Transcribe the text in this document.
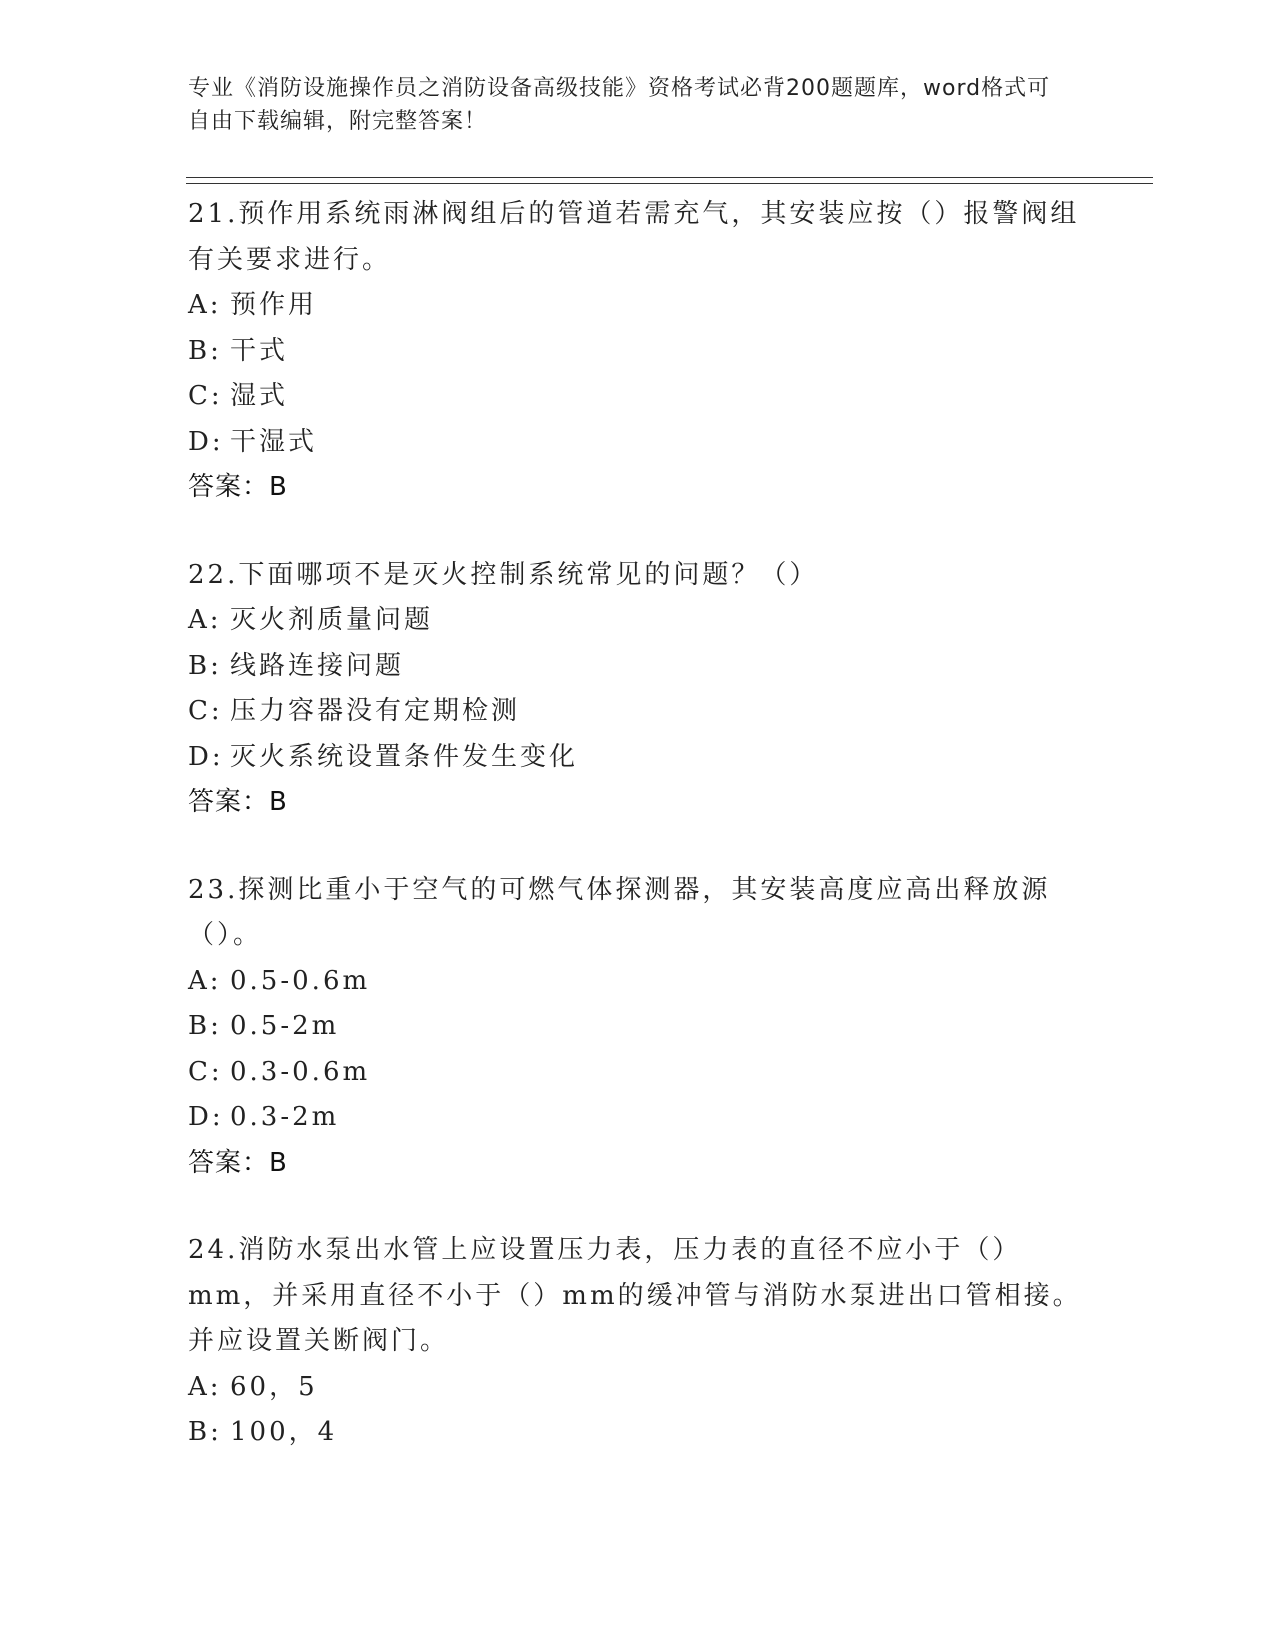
专业《消防设施操作员之消防设备高级技能》资格考试必背200题题库，word格式可自由下载编辑，附完整答案！

21.预作用系统雨淋阀组后的管道若需充气，其安装应按（）报警阀组有关要求进行。

A: 预作用

B: 干式

C: 湿式

D: 干湿式

答案：B

22.下面哪项不是灭火控制系统常见的问题？（）

A: 灭火剂质量问题

B: 线路连接问题

C: 压力容器没有定期检测

D: 灭火系统设置条件发生变化

答案：B

23.探测比重小于空气的可燃气体探测器，其安装高度应高出释放源（）。

A: 0.5-0.6m

B: 0.5-2m

C: 0.3-0.6m

D: 0.3-2m

答案：B

24.消防水泵出水管上应设置压力表，压力表的直径不应小于（）mm，并采用直径不小于（）mm的缓冲管与消防水泵进出口管相接。并应设置关断阀门。

A: 60，5

B: 100，4
